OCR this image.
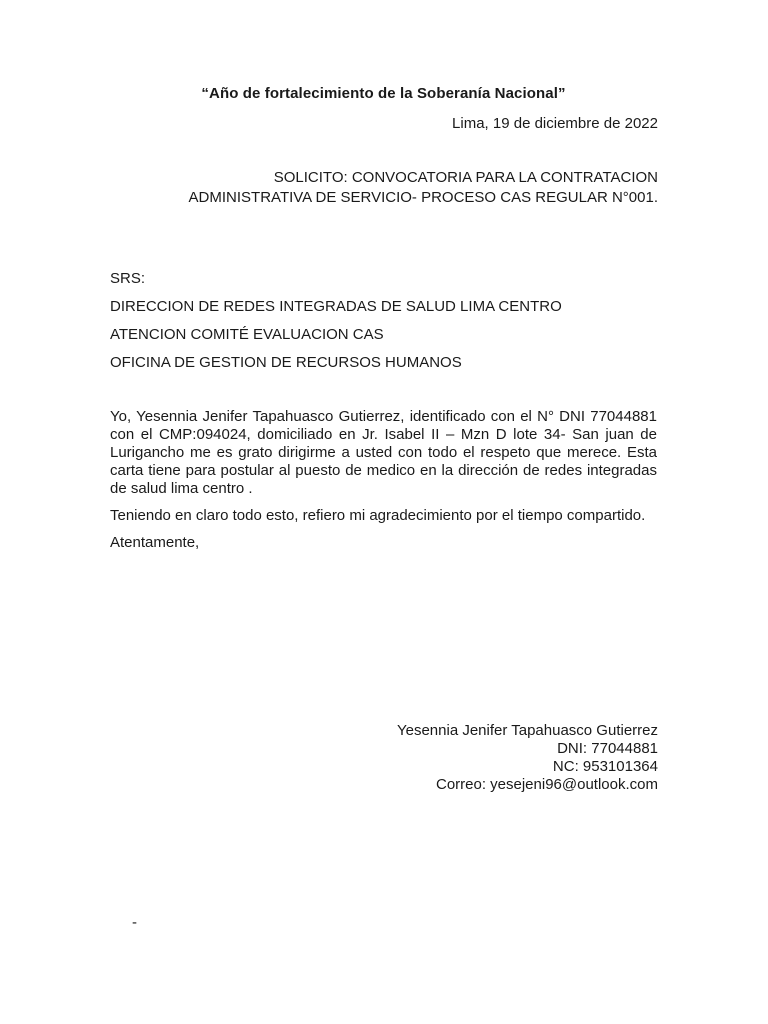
“Año de fortalecimiento de la Soberanía Nacional”
Lima, 19 de diciembre de 2022
SOLICITO: CONVOCATORIA PARA LA CONTRATACION
ADMINISTRATIVA DE SERVICIO- PROCESO CAS REGULAR N°001.
SRS:
DIRECCION DE REDES INTEGRADAS DE SALUD LIMA CENTRO
ATENCION COMITÉ EVALUACION CAS
OFICINA DE GESTION DE RECURSOS HUMANOS

Yo, Yesennia Jenifer Tapahuasco Gutierrez, identificado con el N° DNI 77044881 con el CMP:094024, domiciliado en Jr. Isabel II – Mzn D lote 34- San juan de Lurigancho me es grato dirigirme a usted con todo el respeto que merece. Esta carta tiene para postular al puesto de medico en la dirección de redes integradas de salud lima centro .

Teniendo en claro todo esto, refiero mi agradecimiento por el tiempo compartido.

Atentamente,

Yesennia Jenifer Tapahuasco Gutierrez
DNI: 77044881
NC: 953101364
Correo: yesejeni96@outlook.com
-
